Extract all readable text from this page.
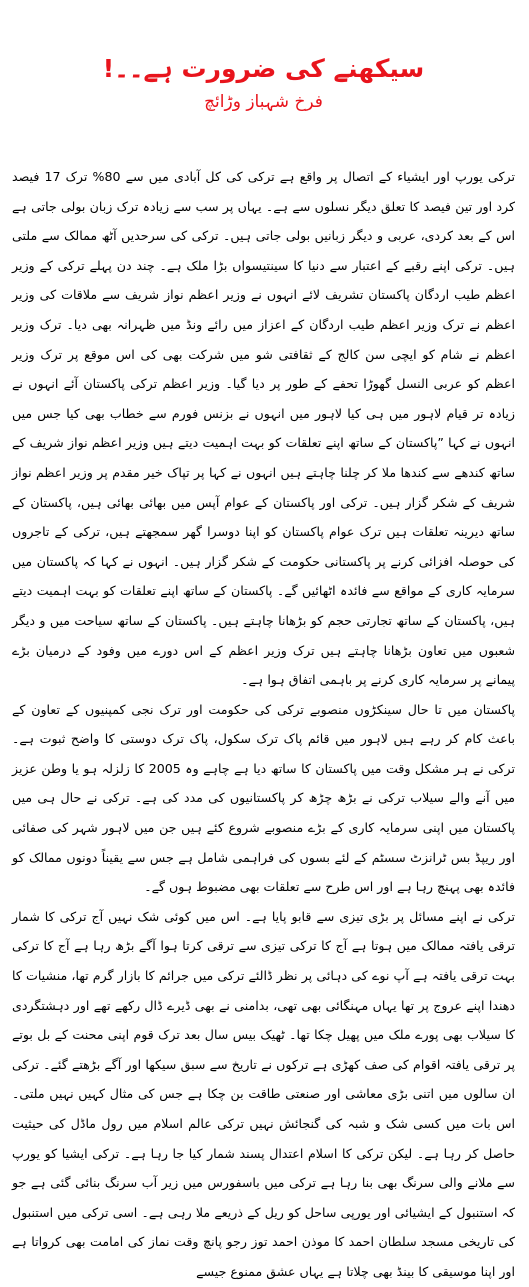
سیکھنے کی ضرورت ہے۔۔!
فرخ شہباز وڑائچ

ترکی یورپ اور ایشیاء کے اتصال پر واقع ہے ترکی کی کل آبادی میں سے 80% ترک 17 فیصد کرد اور تین فیصد کا تعلق دیگر نسلوں سے ہے۔ یہاں پر سب سے زیادہ ترک زبان بولی جاتی ہے اس کے بعد کردی، عربی و دیگر زبانیں بولی جاتی ہیں۔ ترکی کی سرحدیں آٹھ ممالک سے ملتی ہیں۔ ترکی اپنے رقبے کے اعتبار سے دنیا کا سینتیسواں بڑا ملک ہے۔ چند دن پہلے ترکی کے وزیر اعظم طیب اردگان پاکستان تشریف لائے انہوں نے وزیر اعظم نواز شریف سے ملاقات کی وزیر اعظم نے ترک وزیر اعظم طیب اردگان کے اعزاز میں رائے ونڈ میں ظہرانہ بھی دیا۔ ترک وزیر اعظم نے شام کو ایچی سن کالج کے ثقافتی شو میں شرکت بھی کی اس موقع پر ترک وزیر اعظم کو عربی النسل گھوڑا تحفے کے طور پر دیا گیا۔ وزیر اعظم ترکی پاکستان آئے انہوں نے زیادہ تر قیام لاہور میں ہی کیا لاہور میں انہوں نے بزنس فورم سے خطاب بھی کیا جس میں انہوں نے کہا ”پاکستان کے ساتھ اپنے تعلقات کو بہت اہمیت دیتے ہیں وزیر اعظم نواز شریف کے ساتھ کندھے سے کندھا ملا کر چلنا چاہتے ہیں انہوں نے کہا پر تپاک خیر مقدم پر وزیر اعظم نواز شریف کے شکر گزار ہیں۔ ترکی اور پاکستان کے عوام آپس میں بھائی بھائی ہیں، پاکستان کے ساتھ دیرینہ تعلقات ہیں ترک عوام پاکستان کو اپنا دوسرا گھر سمجھتے ہیں، ترکی کے تاجروں کی حوصلہ افزائی کرنے پر پاکستانی حکومت کے شکر گزار ہیں۔ انہوں نے کہا کہ پاکستان میں سرمایہ کاری کے مواقع سے فائدہ اٹھائیں گے۔ پاکستان کے ساتھ اپنے تعلقات کو بہت اہمیت دیتے ہیں، پاکستان کے ساتھ تجارتی حجم کو بڑھانا چاہتے ہیں۔ پاکستان کے ساتھ سیاحت میں و دیگر شعبوں میں تعاون بڑھانا چاہتے ہیں ترک وزیر اعظم کے اس دورے میں وفود کے درمیان بڑے پیمانے پر سرمایہ کاری کرنے پر باہمی اتفاق ہوا ہے۔

پاکستان میں تا حال سینکڑوں منصوبے ترکی کی حکومت اور ترک نجی کمپنیوں کے تعاون کے باعث کام کر رہے ہیں لاہور میں قائم پاک ترک سکول، پاک ترک دوستی کا واضح ثبوت ہے۔ ترکی نے ہر مشکل وقت میں پاکستان کا ساتھ دیا ہے چاہے وہ 2005 کا زلزلہ ہو یا وطن عزیز میں آنے والے سیلاب ترکی نے بڑھ چڑھ کر پاکستانیوں کی مدد کی ہے۔ ترکی نے حال ہی میں پاکستان میں اپنی سرمایہ کاری کے بڑے منصوبے شروع کئے ہیں جن میں لاہور شہر کی صفائی اور ریپڈ بس ٹرانزٹ سسٹم کے لئے بسوں کی فراہمی شامل ہے جس سے یقیناً دونوں ممالک کو فائدہ بھی پہنچ رہا ہے اور اس طرح سے تعلقات بھی مضبوط ہوں گے۔

ترکی نے اپنے مسائل پر بڑی تیزی سے قابو پایا ہے۔ اس میں کوئی شک نہیں آج ترکی کا شمار ترقی یافتہ ممالک میں ہوتا ہے آج کا ترکی تیزی سے ترقی کرتا ہوا آگے بڑھ رہا ہے آج کا ترکی بہت ترقی یافتہ ہے آپ نوے کی دہائی پر نظر ڈالئے ترکی میں جرائم کا بازار گرم تھا، منشیات کا دھندا اپنے عروج پر تھا یہاں مہنگائی بھی تھی، بدامنی نے بھی ڈیرے ڈال رکھے تھے اور دہشتگردی کا سیلاب بھی پورے ملک میں پھیل چکا تھا۔ ٹھیک بیس سال بعد ترک قوم اپنی محنت کے بل بوتے پر ترقی یافتہ اقوام کی صف کھڑی ہے ترکوں نے تاریخ سے سبق سیکھا اور آگے بڑھتے گئے۔ ترکی ان سالوں میں اتنی بڑی معاشی اور صنعتی طاقت بن چکا ہے جس کی مثال کہیں نہیں ملتی۔ اس بات میں کسی شک و شبہ کی گنجائش نہیں ترکی عالم اسلام میں رول ماڈل کی حیثیت حاصل کر رہا ہے۔ لیکن ترکی کا اسلام اعتدال پسند شمار کیا جا رہا ہے۔ ترکی ایشیا کو یورپ سے ملانے والی سرنگ بھی بنا رہا ہے ترکی میں باسفورس میں زیر آب سرنگ بنائی گئی ہے جو کہ استنبول کے ایشیائی اور یورپی ساحل کو ریل کے ذریعے ملا رہی ہے۔ اسی ترکی میں استنبول کی تاریخی مسجد سلطان احمد کا موذن احمد توز رجو پانچ وقت نماز کی امامت بھی کرواتا ہے اور اپنا موسیقی کا بینڈ بھی چلاتا ہے یہاں عشق ممنوع جیسے
